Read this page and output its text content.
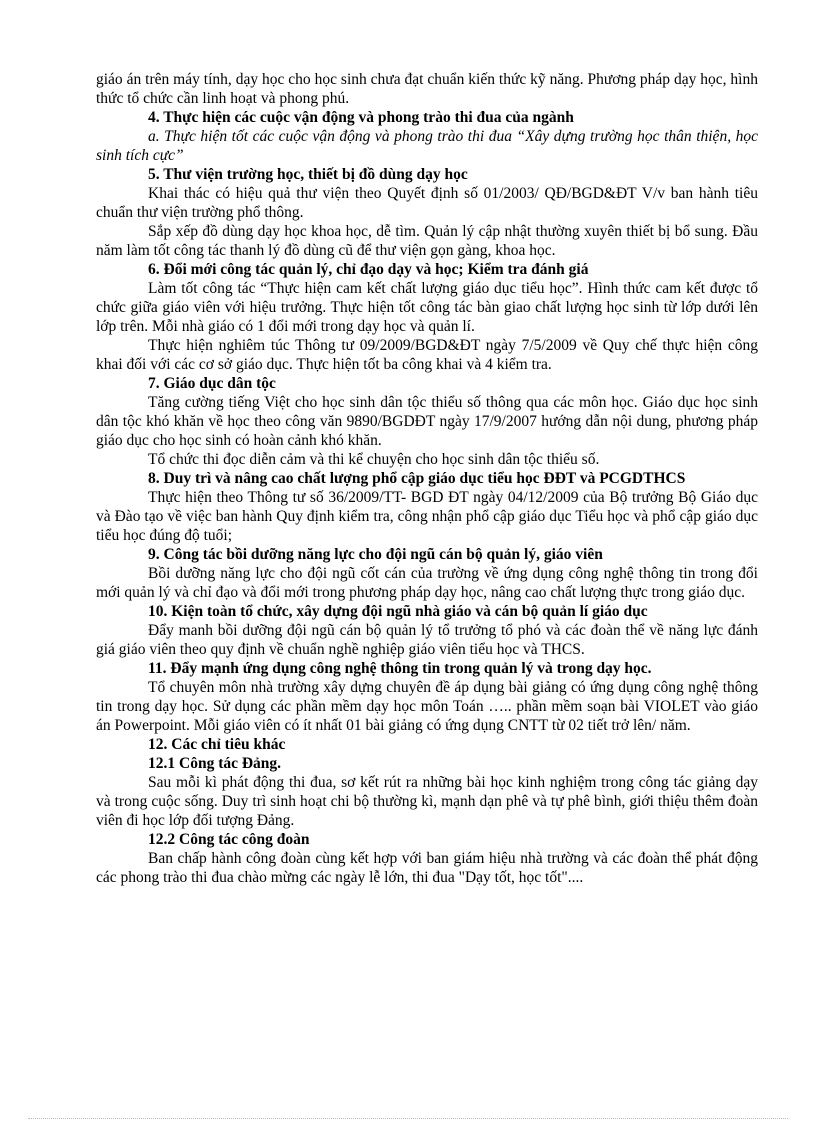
giáo án trên máy tính, dạy học cho học sinh chưa đạt chuẩn kiến thức kỹ năng. Phương pháp dạy học, hình thức tổ chức cần linh hoạt và phong phú.

4. Thực hiện các cuộc vận động và phong trào thi đua của ngành

a. Thực hiện tốt các cuộc vận động và phong trào thi đua “Xây dựng trường học thân thiện, học sinh tích cực”

5. Thư viện trường học, thiết bị đồ dùng dạy học

Khai thác có hiệu quả thư viện theo Quyết định số 01/2003/ QĐ/BGD&ĐT V/v ban hành tiêu chuẩn thư viện trường phổ thông.

Sắp xếp đồ dùng dạy học khoa học, dễ tìm. Quản lý cập nhật thường xuyên thiết bị bổ sung. Đầu năm làm tốt công tác thanh lý đồ dùng cũ để thư viện gọn gàng, khoa học.

6. Đổi mới công tác quản lý, chỉ đạo dạy và học; Kiểm tra đánh giá

Làm tốt công tác “Thực hiện cam kết chất lượng giáo dục tiểu học”. Hình thức cam kết được tổ chức giữa giáo viên với hiệu trưởng. Thực hiện tốt công tác bàn giao chất lượng học sinh từ lớp dưới lên lớp trên. Mỗi nhà giáo có 1 đổi mới trong dạy học và quản lí.

Thực hiện nghiêm túc Thông tư 09/2009/BGD&ĐT ngày 7/5/2009 về Quy chế thực hiện công khai đối với các cơ sở giáo dục. Thực hiện tốt ba công khai và 4 kiểm tra.

7. Giáo dục dân tộc

Tăng cường tiếng Việt cho học sinh dân tộc thiểu số thông qua các môn học. Giáo dục học sinh dân tộc khó khăn về học theo công văn 9890/BGDĐT ngày 17/9/2007 hướng dẫn nội dung, phương pháp giáo dục cho học sinh có hoàn cảnh khó khăn.

Tổ chức thi đọc diễn cảm và thi kể chuyện cho học sinh dân tộc thiểu số.

8. Duy trì và nâng cao chất lượng phổ cập giáo dục tiểu học ĐĐT và PCGDTHCS

Thực hiện theo Thông tư số 36/2009/TT- BGD ĐT ngày 04/12/2009 của Bộ trưởng Bộ Giáo dục và Đào tạo về việc ban hành Quy định kiểm tra, công nhận phổ cập giáo dục Tiểu học và phổ cập giáo dục tiểu học đúng độ tuổi;

9. Công tác bồi dưỡng năng lực cho đội ngũ cán bộ quản lý, giáo viên

Bồi dưỡng năng lực cho đội ngũ cốt cán của trường về ứng dụng công nghệ thông tin trong đổi mới quản lý và chỉ đạo và đổi mới trong phương pháp dạy học, nâng cao chất lượng thực trong giáo dục.

10. Kiện toàn tổ chức, xây dựng đội ngũ nhà giáo và cán bộ quản lí giáo dục

Đẩy manh bồi dưỡng đội ngũ cán bộ quản lý tổ trưởng tổ phó và các đoàn thể về năng lực đánh giá giáo viên theo quy định về chuẩn nghề nghiệp giáo viên tiểu học và THCS.

11. Đẩy mạnh ứng dụng công nghệ thông tin trong quản lý và trong dạy học.

Tổ chuyên môn nhà trường xây dựng chuyên đề áp dụng bài giảng có ứng dụng công nghệ thông tin trong dạy học. Sử dụng các phần mềm dạy học môn Toán ….. phần mềm soạn bài VIOLET vào giáo án Powerpoint. Mỗi giáo viên có ít nhất 01 bài giảng có ứng dụng CNTT từ 02 tiết trở lên/ năm.

12. Các chỉ tiêu khác

12.1 Công tác Đảng.

Sau mỗi kì phát động thi đua, sơ kết rút ra những bài học kinh nghiệm trong công tác giảng dạy và trong cuộc sống. Duy trì sinh hoạt chi bộ thường kì, mạnh dạn phê và tự phê bình, giới thiệu thêm đoàn viên đi học lớp đối tượng Đảng.

12.2 Công tác công đoàn

Ban chấp hành công đoàn cùng kết hợp với ban giám hiệu nhà trường và các đoàn thể phát động các phong trào thi đua chào mừng các ngày lễ lớn, thi đua "Dạy tốt, học tốt"....
